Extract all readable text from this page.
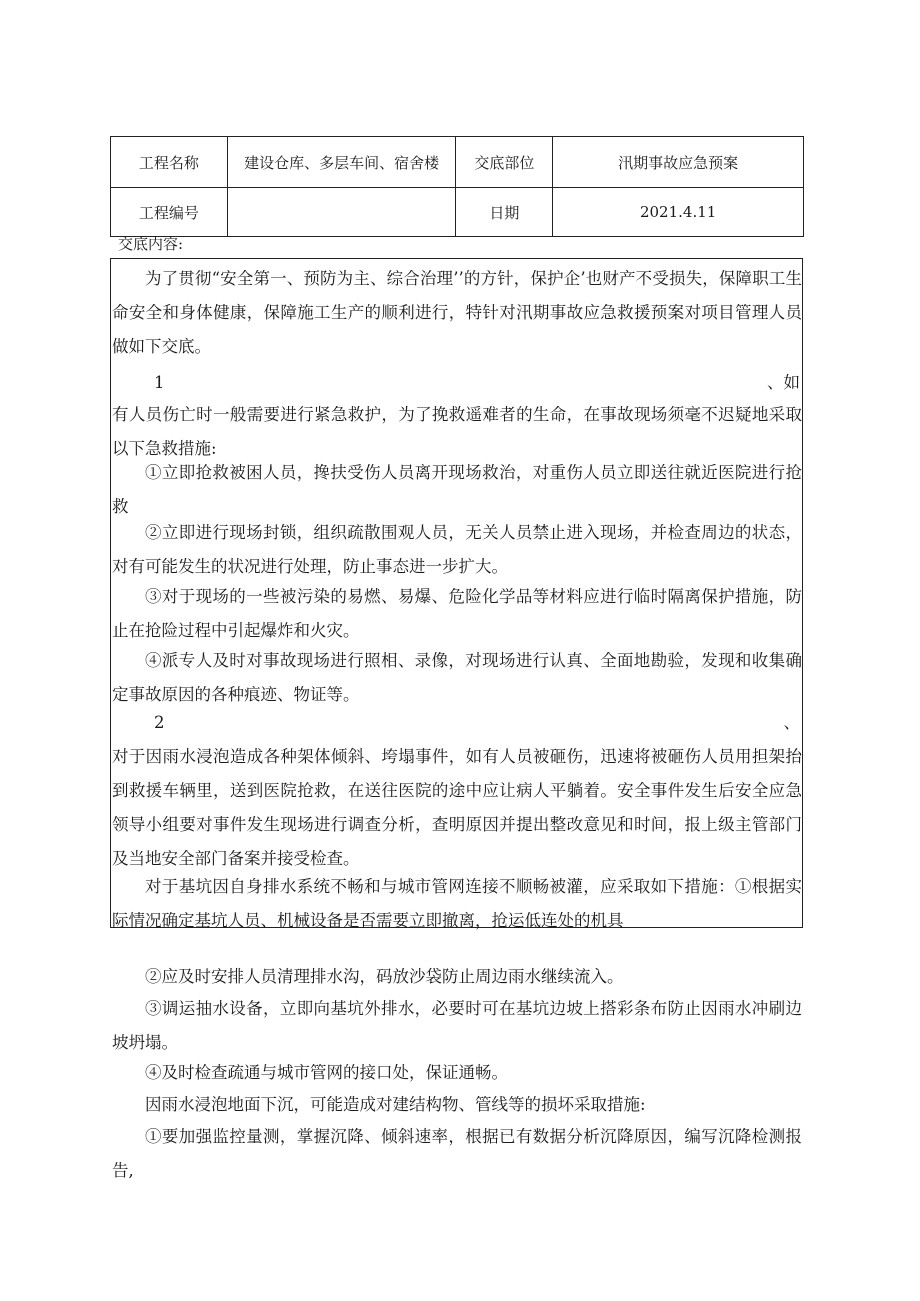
工程名称	建设仓库、多层车间、宿舍楼	交底部位	汛期事故应急预案
工程编号		日期	2021.4.11
交底内容:

为了贯彻“安全第一、预防为主、综合治理’’的方针，保护企’也财产不受损失，保障职工生命安全和身体健康，保障施工生产的顺利进行，特针对汛期事故应急救援预案对项目管理人员做如下交底。

1	、如

有人员伤亡时一般需要进行紧急救护，为了挽救遥难者的生命，在事故现场须毫不迟疑地采取以下急救措施:

①立即抢救被困人员，搀扶受伤人员离开现场救治，对重伤人员立即送往就近医院进行抢救

②立即进行现场封锁，组织疏散围观人员，无关人员禁止进入现场，并检查周边的状态，对有可能发生的状况进行处理，防止事态进一步扩大。

③对于现场的一些被污染的易燃、易爆、危险化学品等材料应进行临时隔离保护措施，防止在抢险过程中引起爆炸和火灾。

④派专人及时对事故现场进行照相、录像，对现场进行认真、全面地勘验，发现和收集确定事故原因的各种痕迹、物证等。

2	、

对于因雨水浸泡造成各种架体倾斜、垮塌事件，如有人员被砸伤，迅速将被砸伤人员用担架抬到救援车辆里，送到医院抢救，在送往医院的途中应让病人平躺着。安全事件发生后安全应急领导小组要对事件发生现场进行调查分析，查明原因并提出整改意见和时间，报上级主管部门及当地安全部门备案并接受检查。

对于基坑因自身排水系统不畅和与城市管网连接不顺畅被灌，应采取如下措施：①根据实际情况确定基坑人员、机械设备是否需要立即撤离，抢运低连处的机具

②应及时安排人员清理排水沟，码放沙袋防止周边雨水继续流入。

③调运抽水设备，立即向基坑外排水，必要时可在基坑边坡上搭彩条布防止因雨水冲刷边坡坍塌。

④及时检查疏通与城市管网的接口处，保证通畅。

因雨水浸泡地面下沉，可能造成对建结构物、管线等的损坏采取措施:

①要加强监控量测，掌握沉降、倾斜速率，根据已有数据分析沉降原因，编写沉降检测报告,
